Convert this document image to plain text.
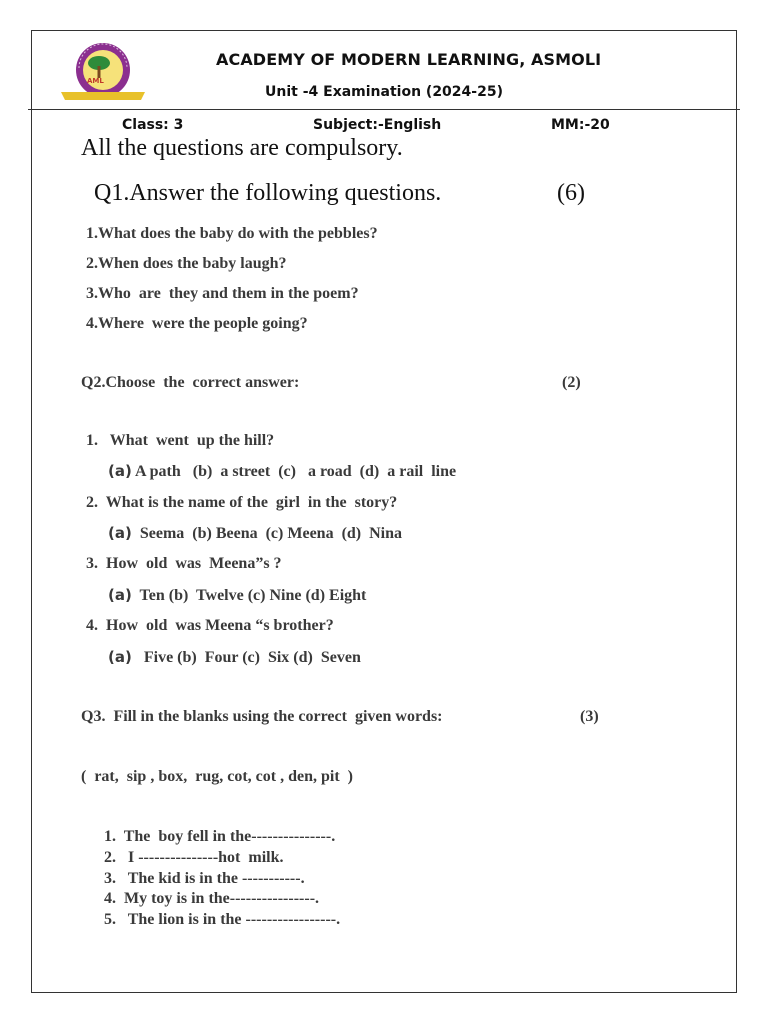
AML
ACADEMY OF MODERN LEARNING, ASMOLI
Unit -4 Examination (2024-25)
Class: 3	Subject:-English	MM:-20
All the questions are compulsory.
Q1.Answer the following questions.	(6)
1.What does the baby do with the pebbles?
2.When does the baby laugh?
3.Who  are  they and them in the poem?
4.Where  were the people going?
Q2.Choose  the  correct answer:	(2)
1.   What  went  up the hill?
(a) A path   (b)  a street  (c)   a road  (d)  a rail  line
2.  What is the name of the  girl  in the  story?
(a)  Seema  (b) Beena  (c) Meena  (d)  Nina
3.  How  old  was  Meena”s ?
(a)  Ten (b)  Twelve (c) Nine (d) Eight
4.  How  old  was Meena “s brother?
(a)   Five (b)  Four (c)  Six (d)  Seven
Q3.  Fill in the blanks using the correct  given words:	(3)
(  rat,  sip , box,  rug, cot, cot , den, pit  )
1.  The  boy fell in the---------------.
2.   I ---------------hot  milk.
3.   The kid is in the -----------.
4.  My toy is in the----------------.
5.   The lion is in the -----------------.
